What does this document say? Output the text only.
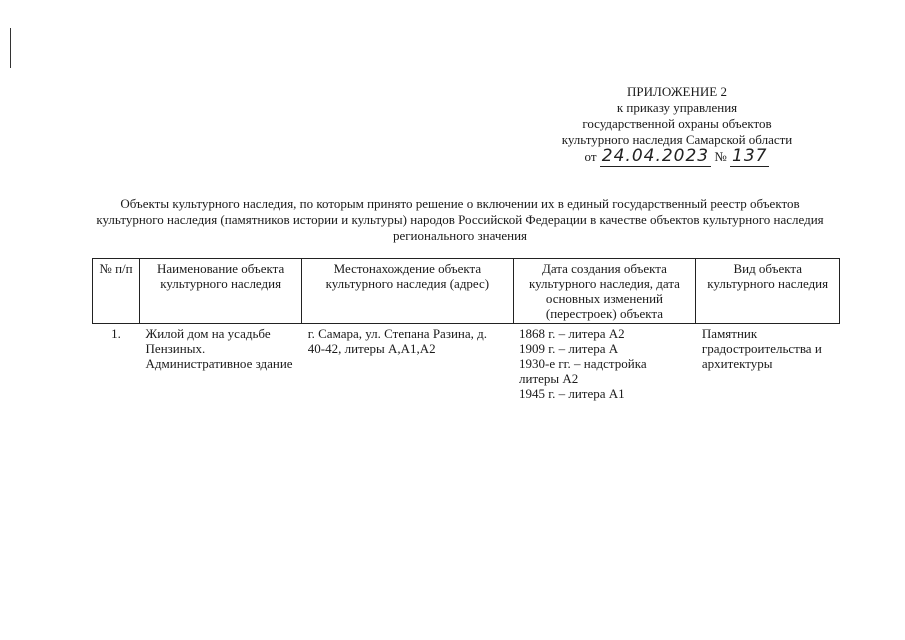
ПРИЛОЖЕНИЕ 2
к приказу управления
государственной охраны объектов
культурного наследия Самарской области
от 24.04.2023 № 137
Объекты культурного наследия, по которым принято решение о включении их в единый государственный реестр объектов культурного наследия (памятников истории и культуры) народов Российской Федерации в качестве объектов культурного наследия регионального значения
№ п/п	Наименование объекта культурного наследия	Местонахождение объекта культурного наследия (адрес)	Дата создания объекта культурного наследия, дата основных изменений (перестроек) объекта	Вид объекта культурного наследия
1.	Жилой дом на усадьбе Пензиных. Административное здание	г. Самара, ул. Степана Разина, д. 40-42, литеры А,А1,А2	1868 г. – литера А2
1909 г. – литера А
1930-е гг. – надстройка литеры А2
1945 г. – литера А1	Памятник градостроительства и архитектуры
